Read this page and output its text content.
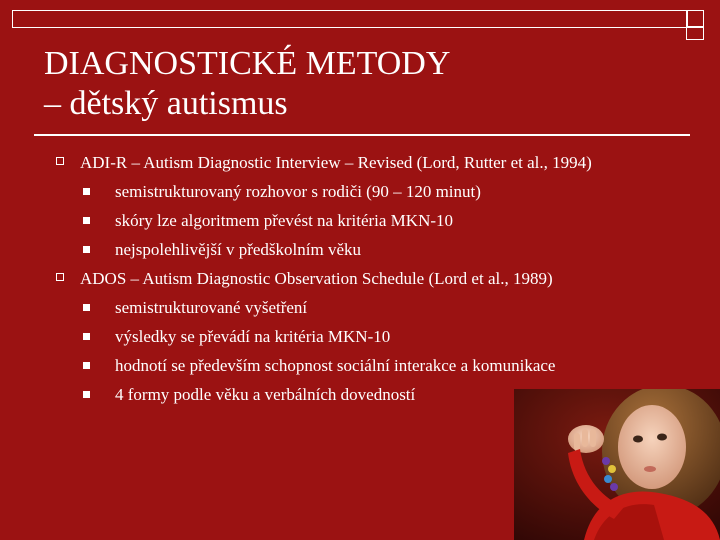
DIAGNOSTICKÉ METODY
– dětský autismus
ADI-R – Autism Diagnostic Interview – Revised (Lord, Rutter et al., 1994)
semistrukturovaný rozhovor s rodiči (90 – 120 minut)
skóry lze algoritmem převést na kritéria MKN-10
nejspolehlivější v předškolním věku
ADOS – Autism Diagnostic Observation Schedule (Lord et al., 1989)
semistrukturované vyšetření
výsledky se převádí na kritéria MKN-10
hodnotí se především schopnost sociální interakce a komunikace
4 formy podle věku a verbálních dovedností
